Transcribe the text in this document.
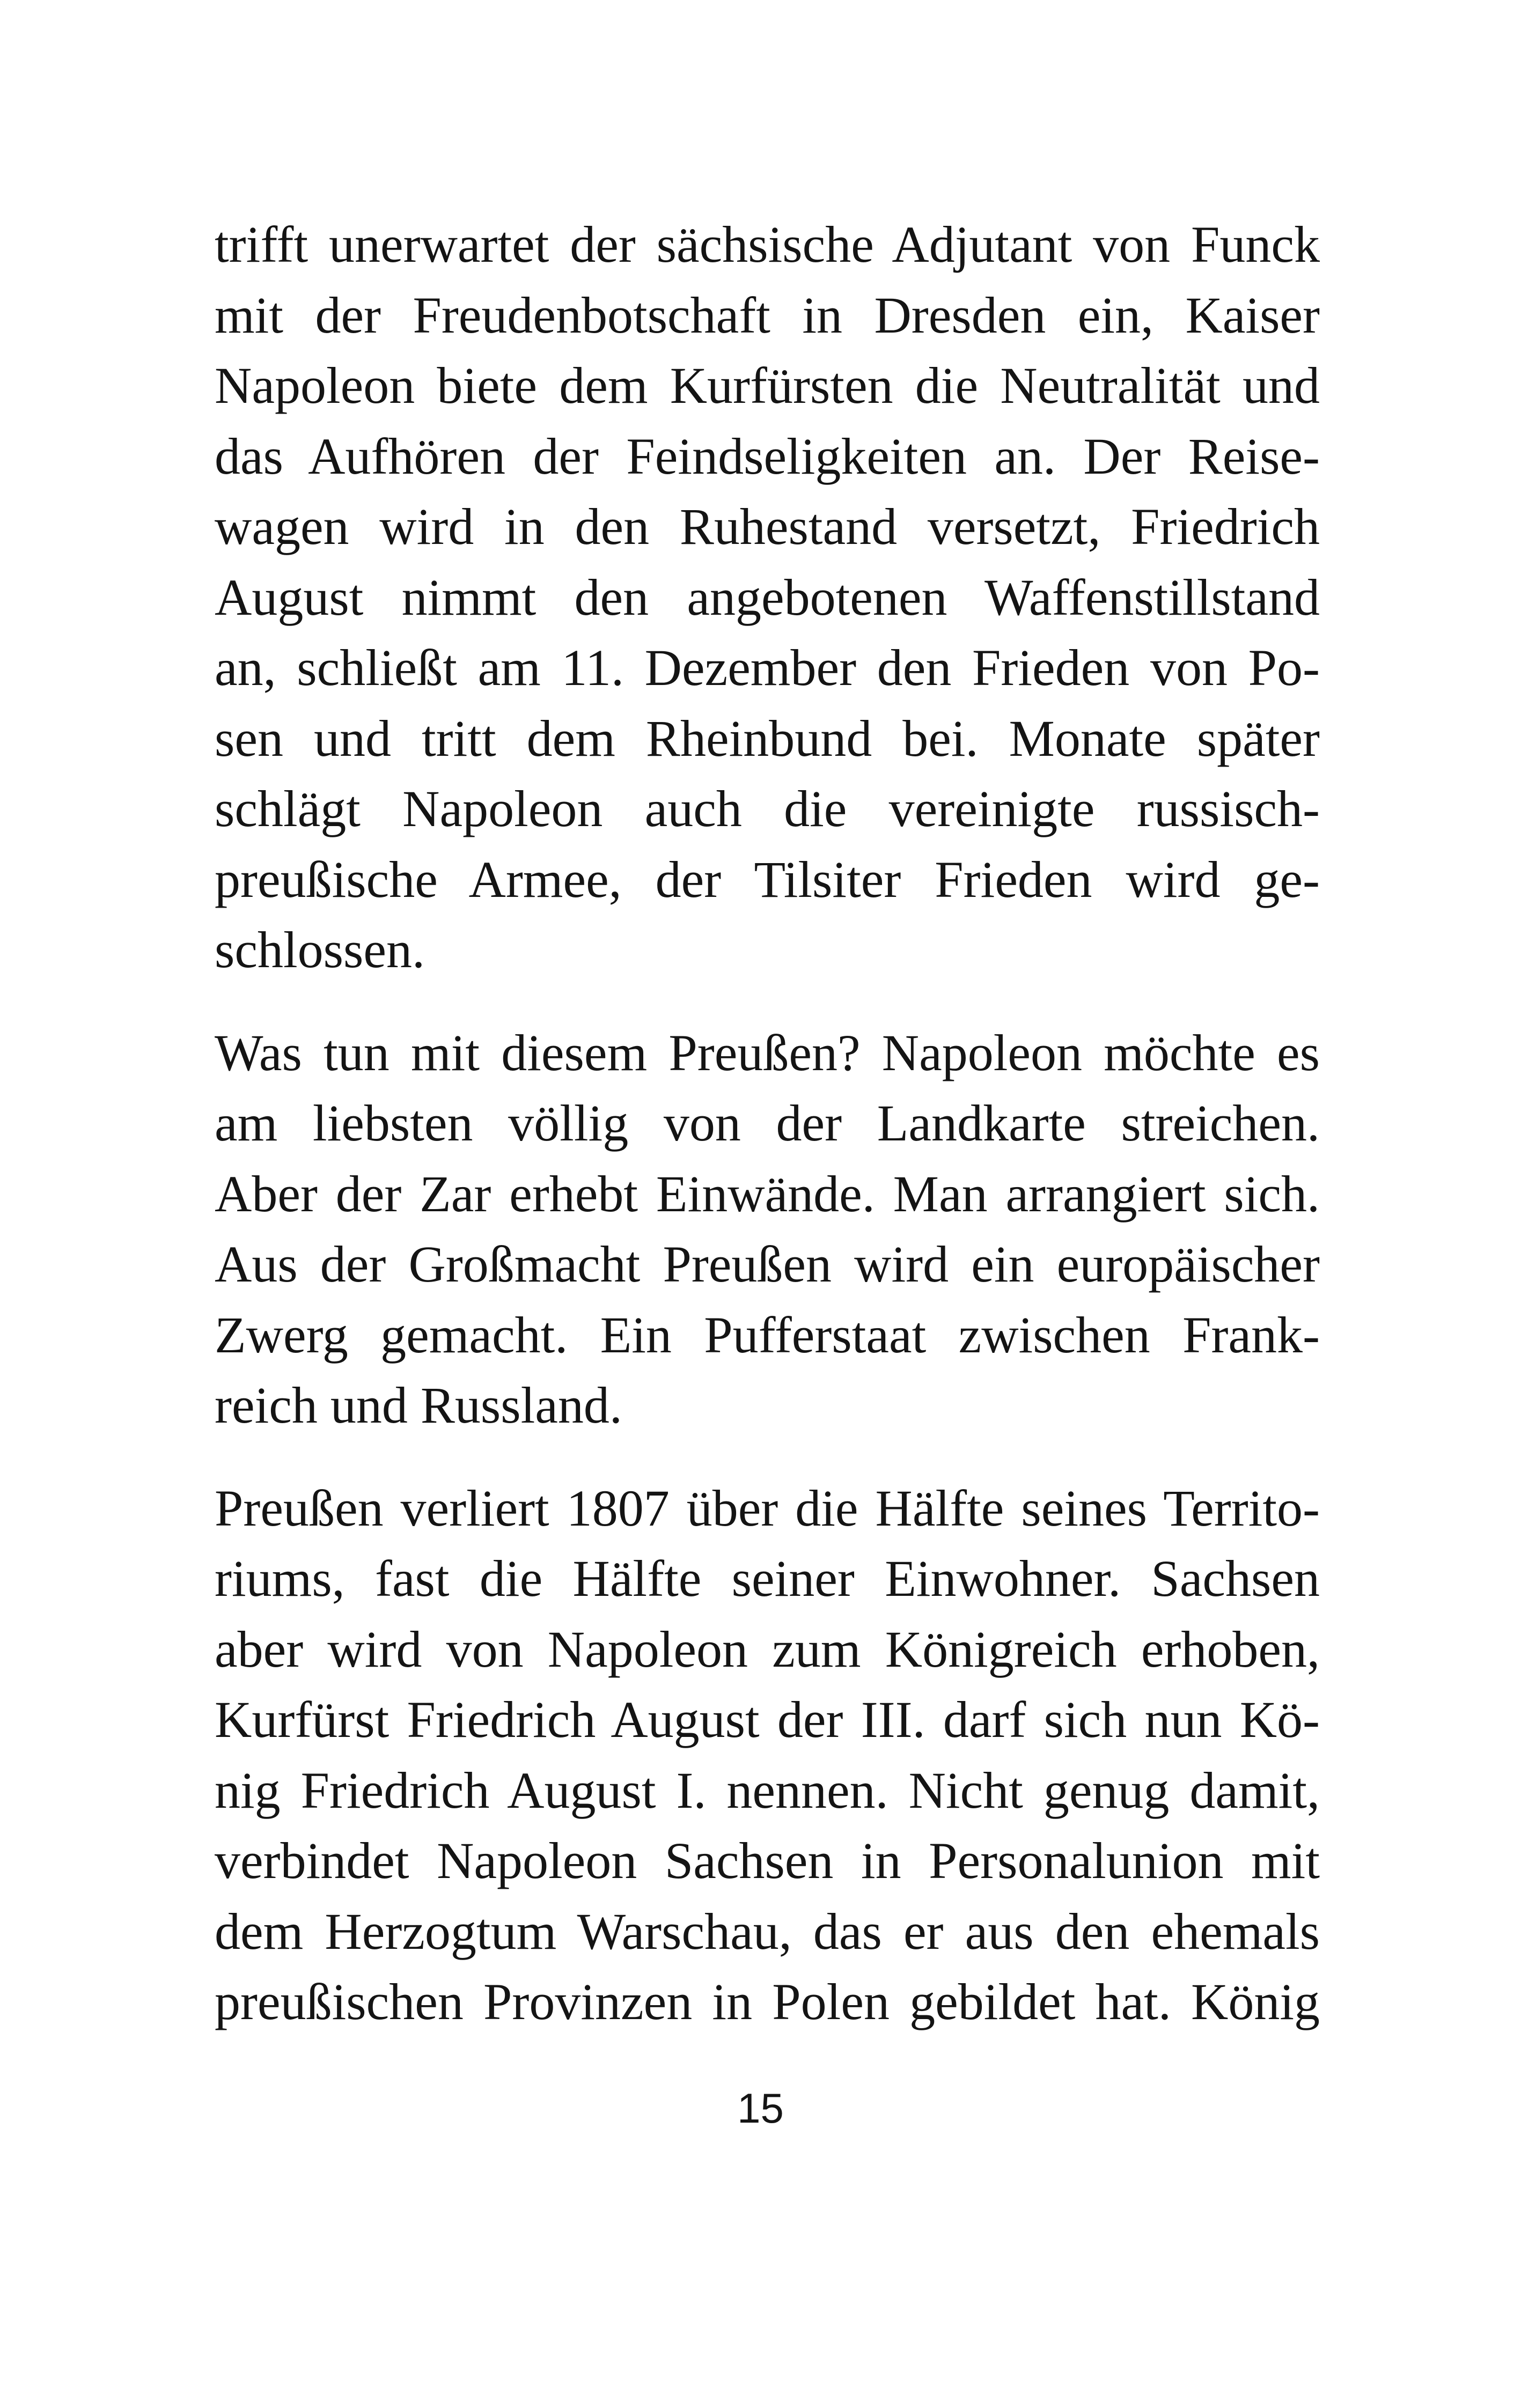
trifft unerwartet der sächsische Adjutant von Funck
mit der Freudenbotschaft in Dresden ein, Kaiser
Napoleon biete dem Kurfürsten die Neutralität und
das Aufhören der Feindseligkeiten an. Der Reise-
wagen wird in den Ruhestand versetzt, Friedrich
August nimmt den angebotenen Waffenstillstand
an, schließt am 11. Dezember den Frieden von Po-
sen und tritt dem Rheinbund bei. Monate später
schlägt Napoleon auch die vereinigte russisch-
preußische Armee, der Tilsiter Frieden wird ge-
schlossen.

Was tun mit diesem Preußen? Napoleon möchte es
am liebsten völlig von der Landkarte streichen.
Aber der Zar erhebt Einwände. Man arrangiert sich.
Aus der Großmacht Preußen wird ein europäischer
Zwerg gemacht. Ein Pufferstaat zwischen Frank-
reich und Russland.

Preußen verliert 1807 über die Hälfte seines Territo-
riums, fast die Hälfte seiner Einwohner. Sachsen
aber wird von Napoleon zum Königreich erhoben,
Kurfürst Friedrich August der III. darf sich nun Kö-
nig Friedrich August I. nennen. Nicht genug damit,
verbindet Napoleon Sachsen in Personalunion mit
dem Herzogtum Warschau, das er aus den ehemals
preußischen Provinzen in Polen gebildet hat. König

15
